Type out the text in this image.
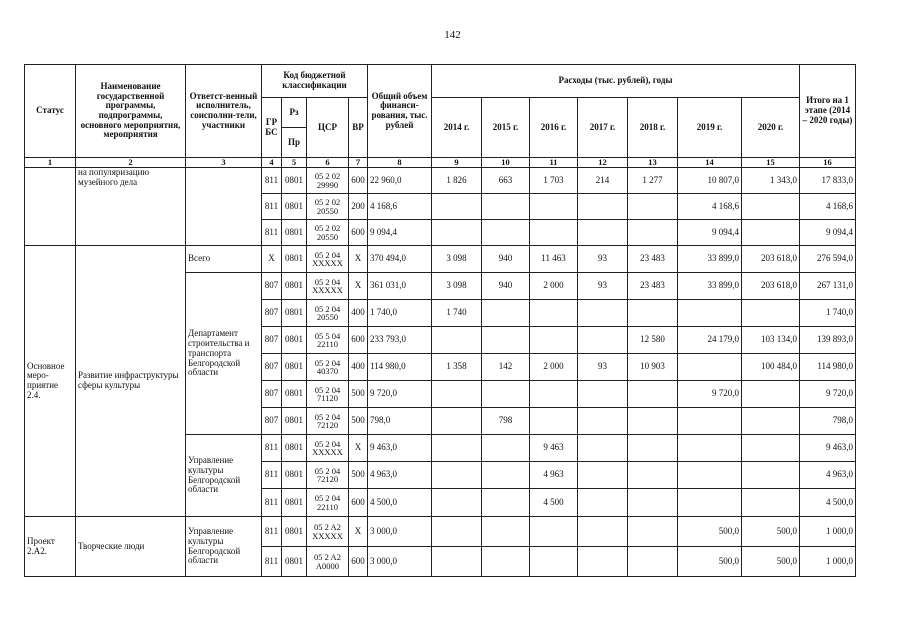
142
Статус	Наименование государственной программы, подпрограммы, основного мероприятия, мероприятия	Ответст-венный исполнитель, соисполни-тели, участники	Код бюджетной классификации				Общий объем финанси-рования, тыс. рублей	Расходы (тыс. рублей), годы							Итого на 1 этапе (2014 – 2020 годы)
			ГР БС	Рз	ЦСР	ВР		2014 г.	2015 г.	2016 г.	2017 г.	2018 г.	2019 г.	2020 г.	
				Пр											
1	2	3	4	5	6	7	8	9	10	11	12	13	14	15	16
	на популяризацию музейного дела		811	0801	05 2 02 29990	600	22 960,0	1 826	663	1 703	214	1 277	10 807,0	1 343,0	17 833,0
			811	0801	05 2 02 20550	200	4 168,6						4 168,6		4 168,6
			811	0801	05 2 02 20550	600	9 094,4						9 094,4		9 094,4
Основное меро-приятие 2.4.	Развитие инфраструктуры сферы культуры	Всего	X	0801	05 2 04 XXXXX	X	370 494,0	3 098	940	11 463	93	23 483	33 899,0	203 618,0	276 594,0
		Департамент строительства и транспорта Белгородской области	807	0801	05 2 04 XXXXX	X	361 031,0	3 098	940	2 000	93	23 483	33 899,0	203 618,0	267 131,0
			807	0801	05 2 04 20550	400	1 740,0	1 740							1 740,0
			807	0801	05 5 04 22110	600	233 793,0					12 580	24 179,0	103 134,0	139 893,0
			807	0801	05 2 04 40370	400	114 980,0	1 358	142	2 000	93	10 903		100 484,0	114 980,0
			807	0801	05 2 04 71120	500	9 720,0						9 720,0		9 720,0
			807	0801	05 2 04 72120	500	798,0		798						798,0
		Управление культуры Белгородской области	811	0801	05 2 04 XXXXX	X	9 463,0			9 463					9 463,0
			811	0801	05 2 04 72120	500	4 963,0			4 963					4 963,0
			811	0801	05 2 04 22110	600	4 500,0			4 500					4 500,0
Проект 2.А2.	Творческие люди	Управление культуры Белгородской области	811	0801	05 2 A2 XXXXX	X	3 000,0						500,0	500,0	1 000,0
			811	0801	05 2 A2 A0000	600	3 000,0						500,0	500,0	1 000,0
